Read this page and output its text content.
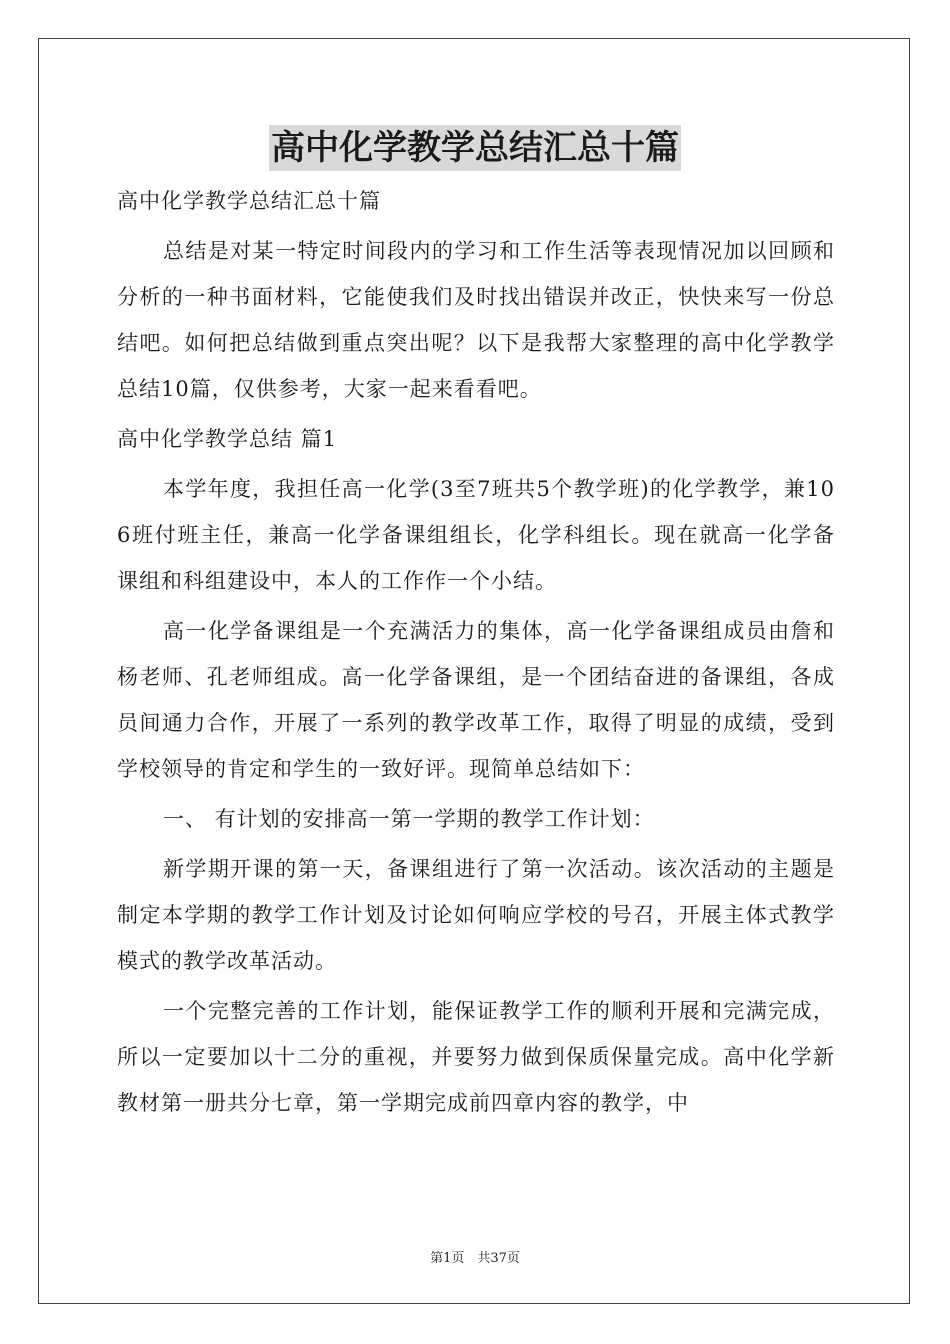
高中化学教学总结汇总十篇

高中化学教学总结汇总十篇

总结是对某一特定时间段内的学习和工作生活等表现情况加以回顾和分析的一种书面材料，它能使我们及时找出错误并改正，快快来写一份总结吧。如何把总结做到重点突出呢？以下是我帮大家整理的高中化学教学总结10篇，仅供参考，大家一起来看看吧。

高中化学教学总结 篇1

本学年度，我担任高一化学(3至7班共5个教学班)的化学教学，兼106班付班主任，兼高一化学备课组组长，化学科组长。现在就高一化学备课组和科组建设中，本人的工作作一个小结。

高一化学备课组是一个充满活力的集体，高一化学备课组成员由詹和杨老师、孔老师组成。高一化学备课组，是一个团结奋进的备课组，各成员间通力合作，开展了一系列的教学改革工作，取得了明显的成绩，受到学校领导的肯定和学生的一致好评。现简单总结如下：

一、 有计划的安排高一第一学期的教学工作计划：

新学期开课的第一天，备课组进行了第一次活动。该次活动的主题是制定本学期的教学工作计划及讨论如何响应学校的号召，开展主体式教学模式的教学改革活动。

一个完整完善的工作计划，能保证教学工作的顺利开展和完满完成，所以一定要加以十二分的重视，并要努力做到保质保量完成。高中化学新教材第一册共分七章，第一学期完成前四章内容的教学，中

第1页　共37页
